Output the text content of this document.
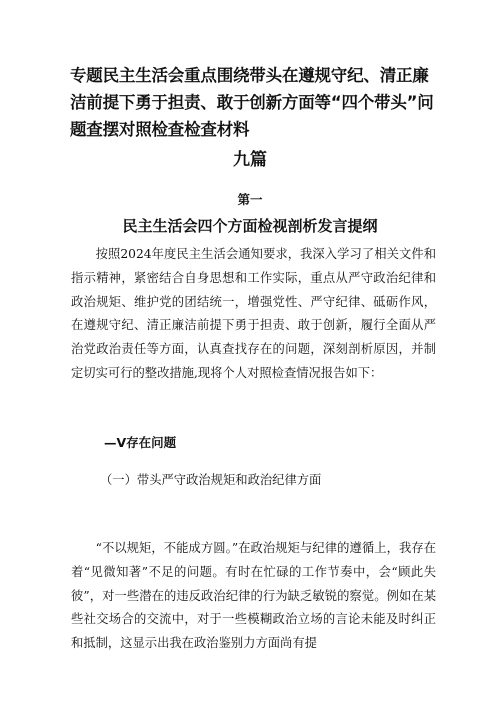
专题民主生活会重点围绕带头在遵规守纪、清正廉洁前提下勇于担责、敢于创新方面等“四个带头”问题查摆对照检查检查材料
九篇
第一
民主生活会四个方面检视剖析发言提纲

按照2024年度民主生活会通知要求，我深入学习了相关文件和指示精神，紧密结合自身思想和工作实际，重点从严守政治纪律和政治规矩、维护党的团结统一，增强党性、严守纪律、砥砺作风，在遵规守纪、清正廉洁前提下勇于担责、敢于创新，履行全面从严治党政治责任等方面，认真查找存在的问题，深刻剖析原因，并制定切实可行的整改措施,现将个人对照检查情况报告如下：

—V存在问题
（一）带头严守政治规矩和政治纪律方面

“不以规矩，不能成方圆。”在政治规矩与纪律的遵循上，我存在着“见微知著”不足的问题。有时在忙碌的工作节奏中，会“顾此失彼”，对一些潜在的违反政治纪律的行为缺乏敏锐的察觉。例如在某些社交场合的交流中，对于一些模糊政治立场的言论未能及时纠正和抵制，这显示出我在政治鉴别力方面尚有提
